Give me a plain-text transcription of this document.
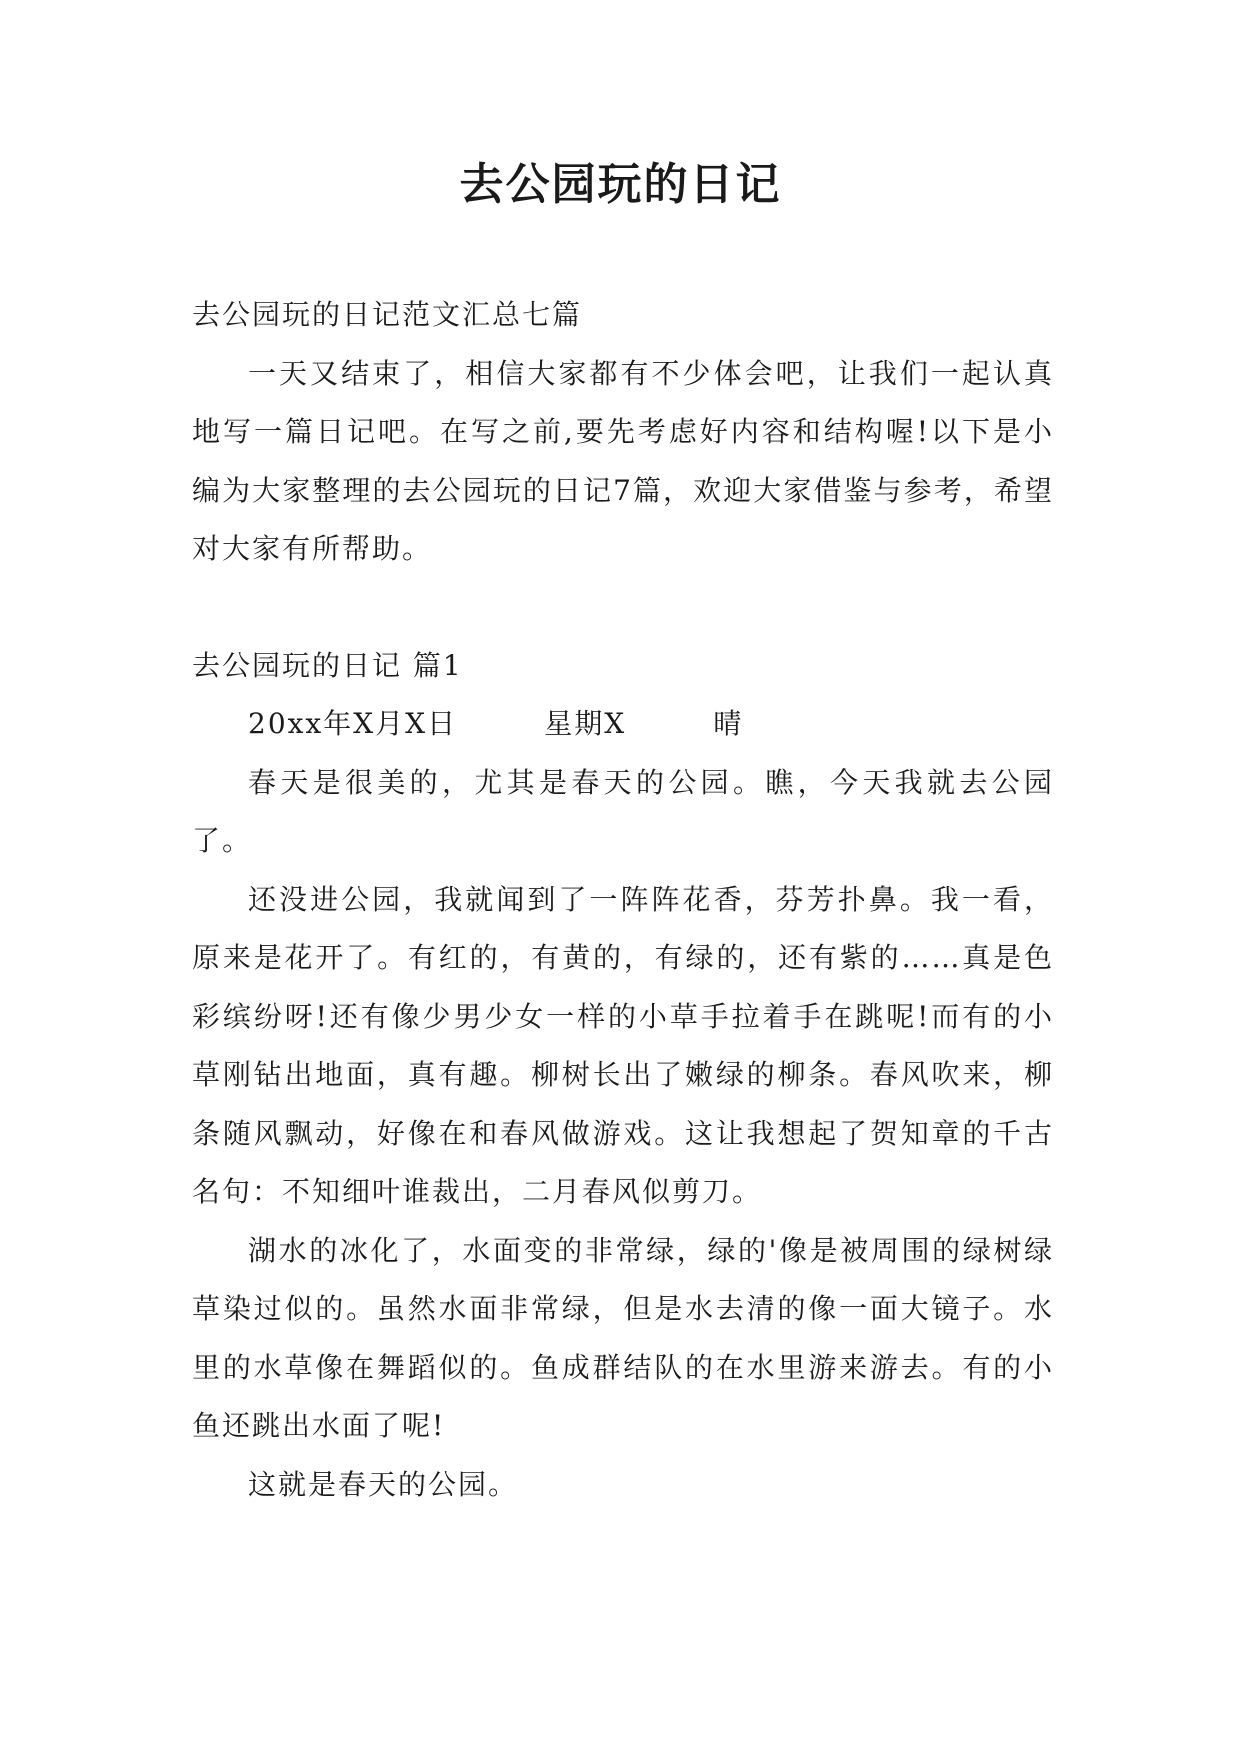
去公园玩的日记

去公园玩的日记范文汇总七篇

一天又结束了，相信大家都有不少体会吧，让我们一起认真地写一篇日记吧。在写之前,要先考虑好内容和结构喔!以下是小编为大家整理的去公园玩的日记7篇，欢迎大家借鉴与参考，希望对大家有所帮助。

去公园玩的日记 篇1

20xx年X月X日        星期X        晴

春天是很美的，尤其是春天的公园。瞧，今天我就去公园了。

还没进公园，我就闻到了一阵阵花香，芬芳扑鼻。我一看，原来是花开了。有红的，有黄的，有绿的，还有紫的……真是色彩缤纷呀!还有像少男少女一样的小草手拉着手在跳呢!而有的小草刚钻出地面，真有趣。柳树长出了嫩绿的柳条。春风吹来，柳条随风飘动，好像在和春风做游戏。这让我想起了贺知章的千古名句：不知细叶谁裁出，二月春风似剪刀。

湖水的冰化了，水面变的非常绿，绿的'像是被周围的绿树绿草染过似的。虽然水面非常绿，但是水去清的像一面大镜子。水里的水草像在舞蹈似的。鱼成群结队的在水里游来游去。有的小鱼还跳出水面了呢!

这就是春天的公园。
